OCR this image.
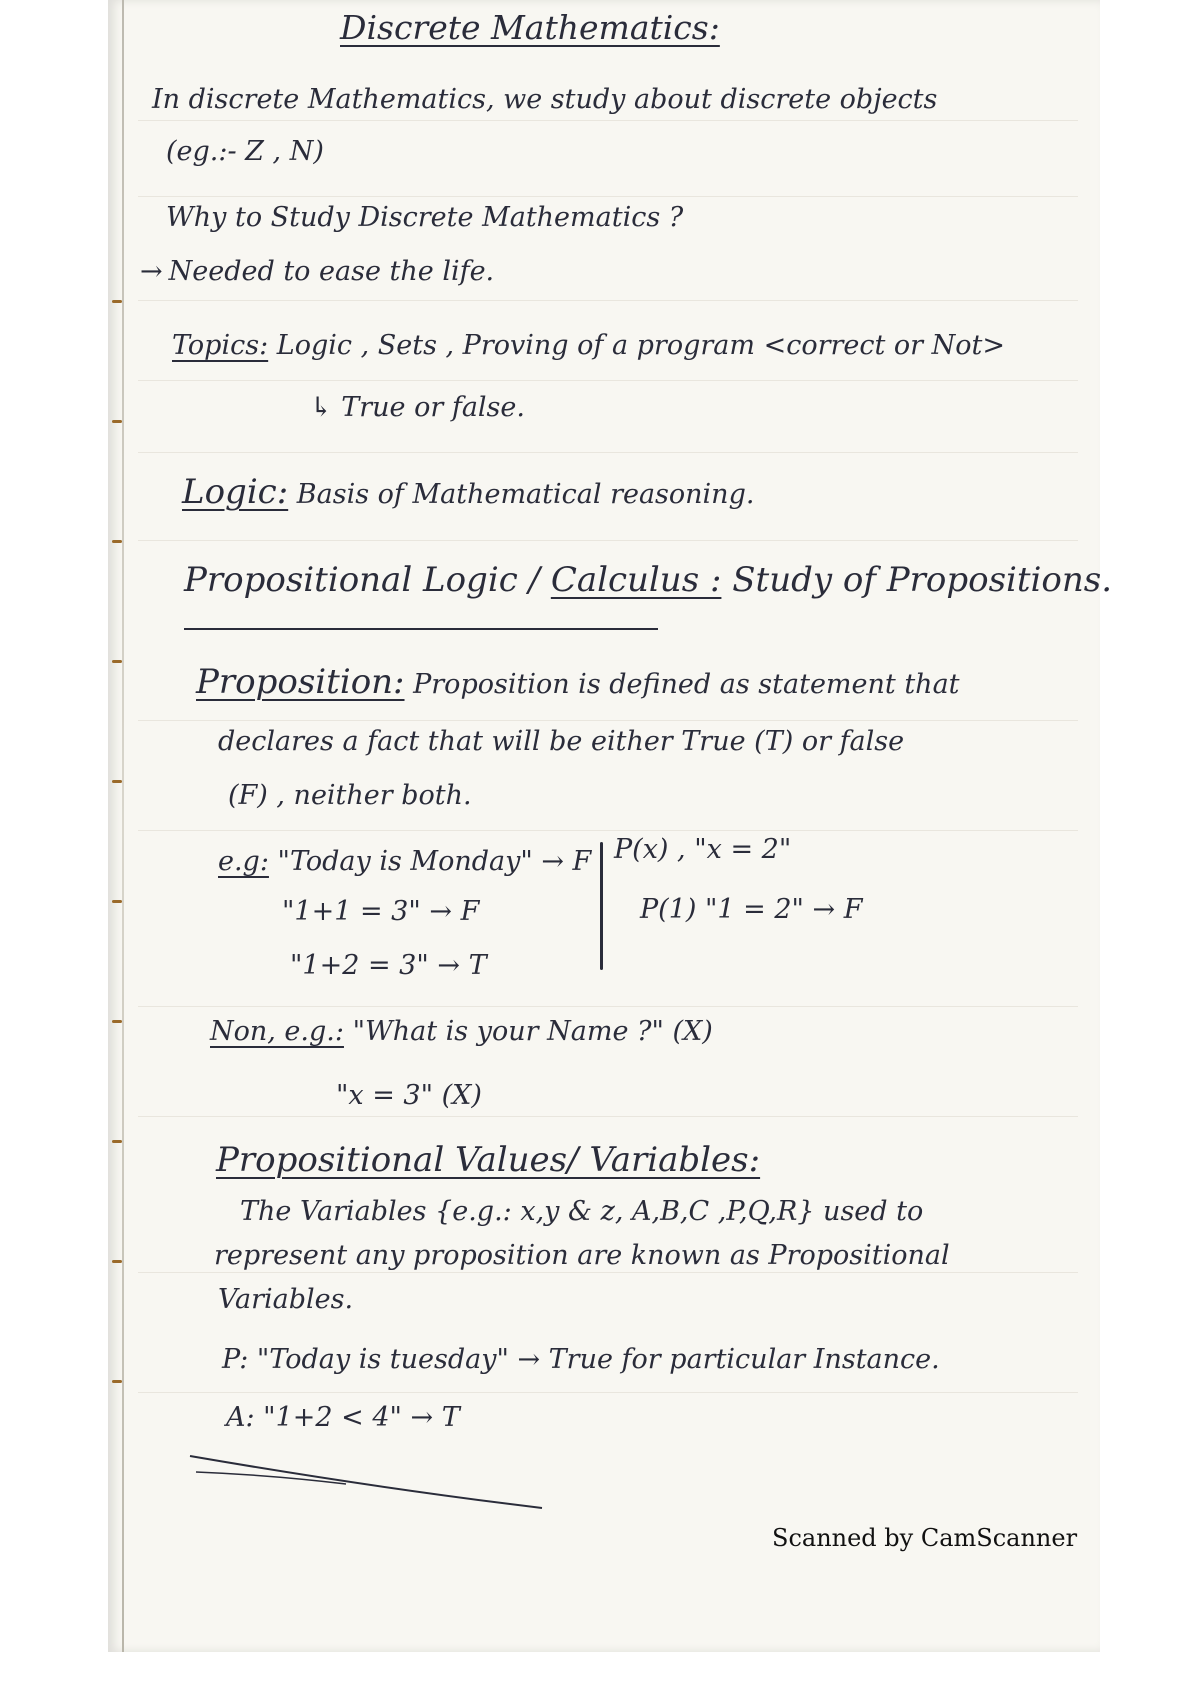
Discrete Mathematics:
In discrete Mathematics, we study about discrete objects
(eg.:- Z , N)
Why to Study Discrete Mathematics ?
→ Needed to ease the life.
Topics: Logic , Sets , Proving of a program <correct or Not>
↳ True or false.
Logic: Basis of Mathematical reasoning.
Propositional Logic / Calculus : Study of Propositions.
Proposition: Proposition is defined as statement that
declares a fact that will be either True (T) or false
(F) , neither both.
e.g: "Today is Monday" → F
"1+1 = 3" → F
"1+2 = 3" → T
P(x) , "x = 2"
P(1) "1 = 2" → F
Non, e.g.: "What is your Name ?" (X)
"x = 3" (X)
Propositional Values/ Variables:
The Variables {e.g.: x,y & z, A,B,C ,P,Q,R} used to
represent any proposition are known as Propositional
Variables.
P: "Today is tuesday" → True for particular Instance.
A: "1+2 < 4" → T
Scanned by CamScanner
